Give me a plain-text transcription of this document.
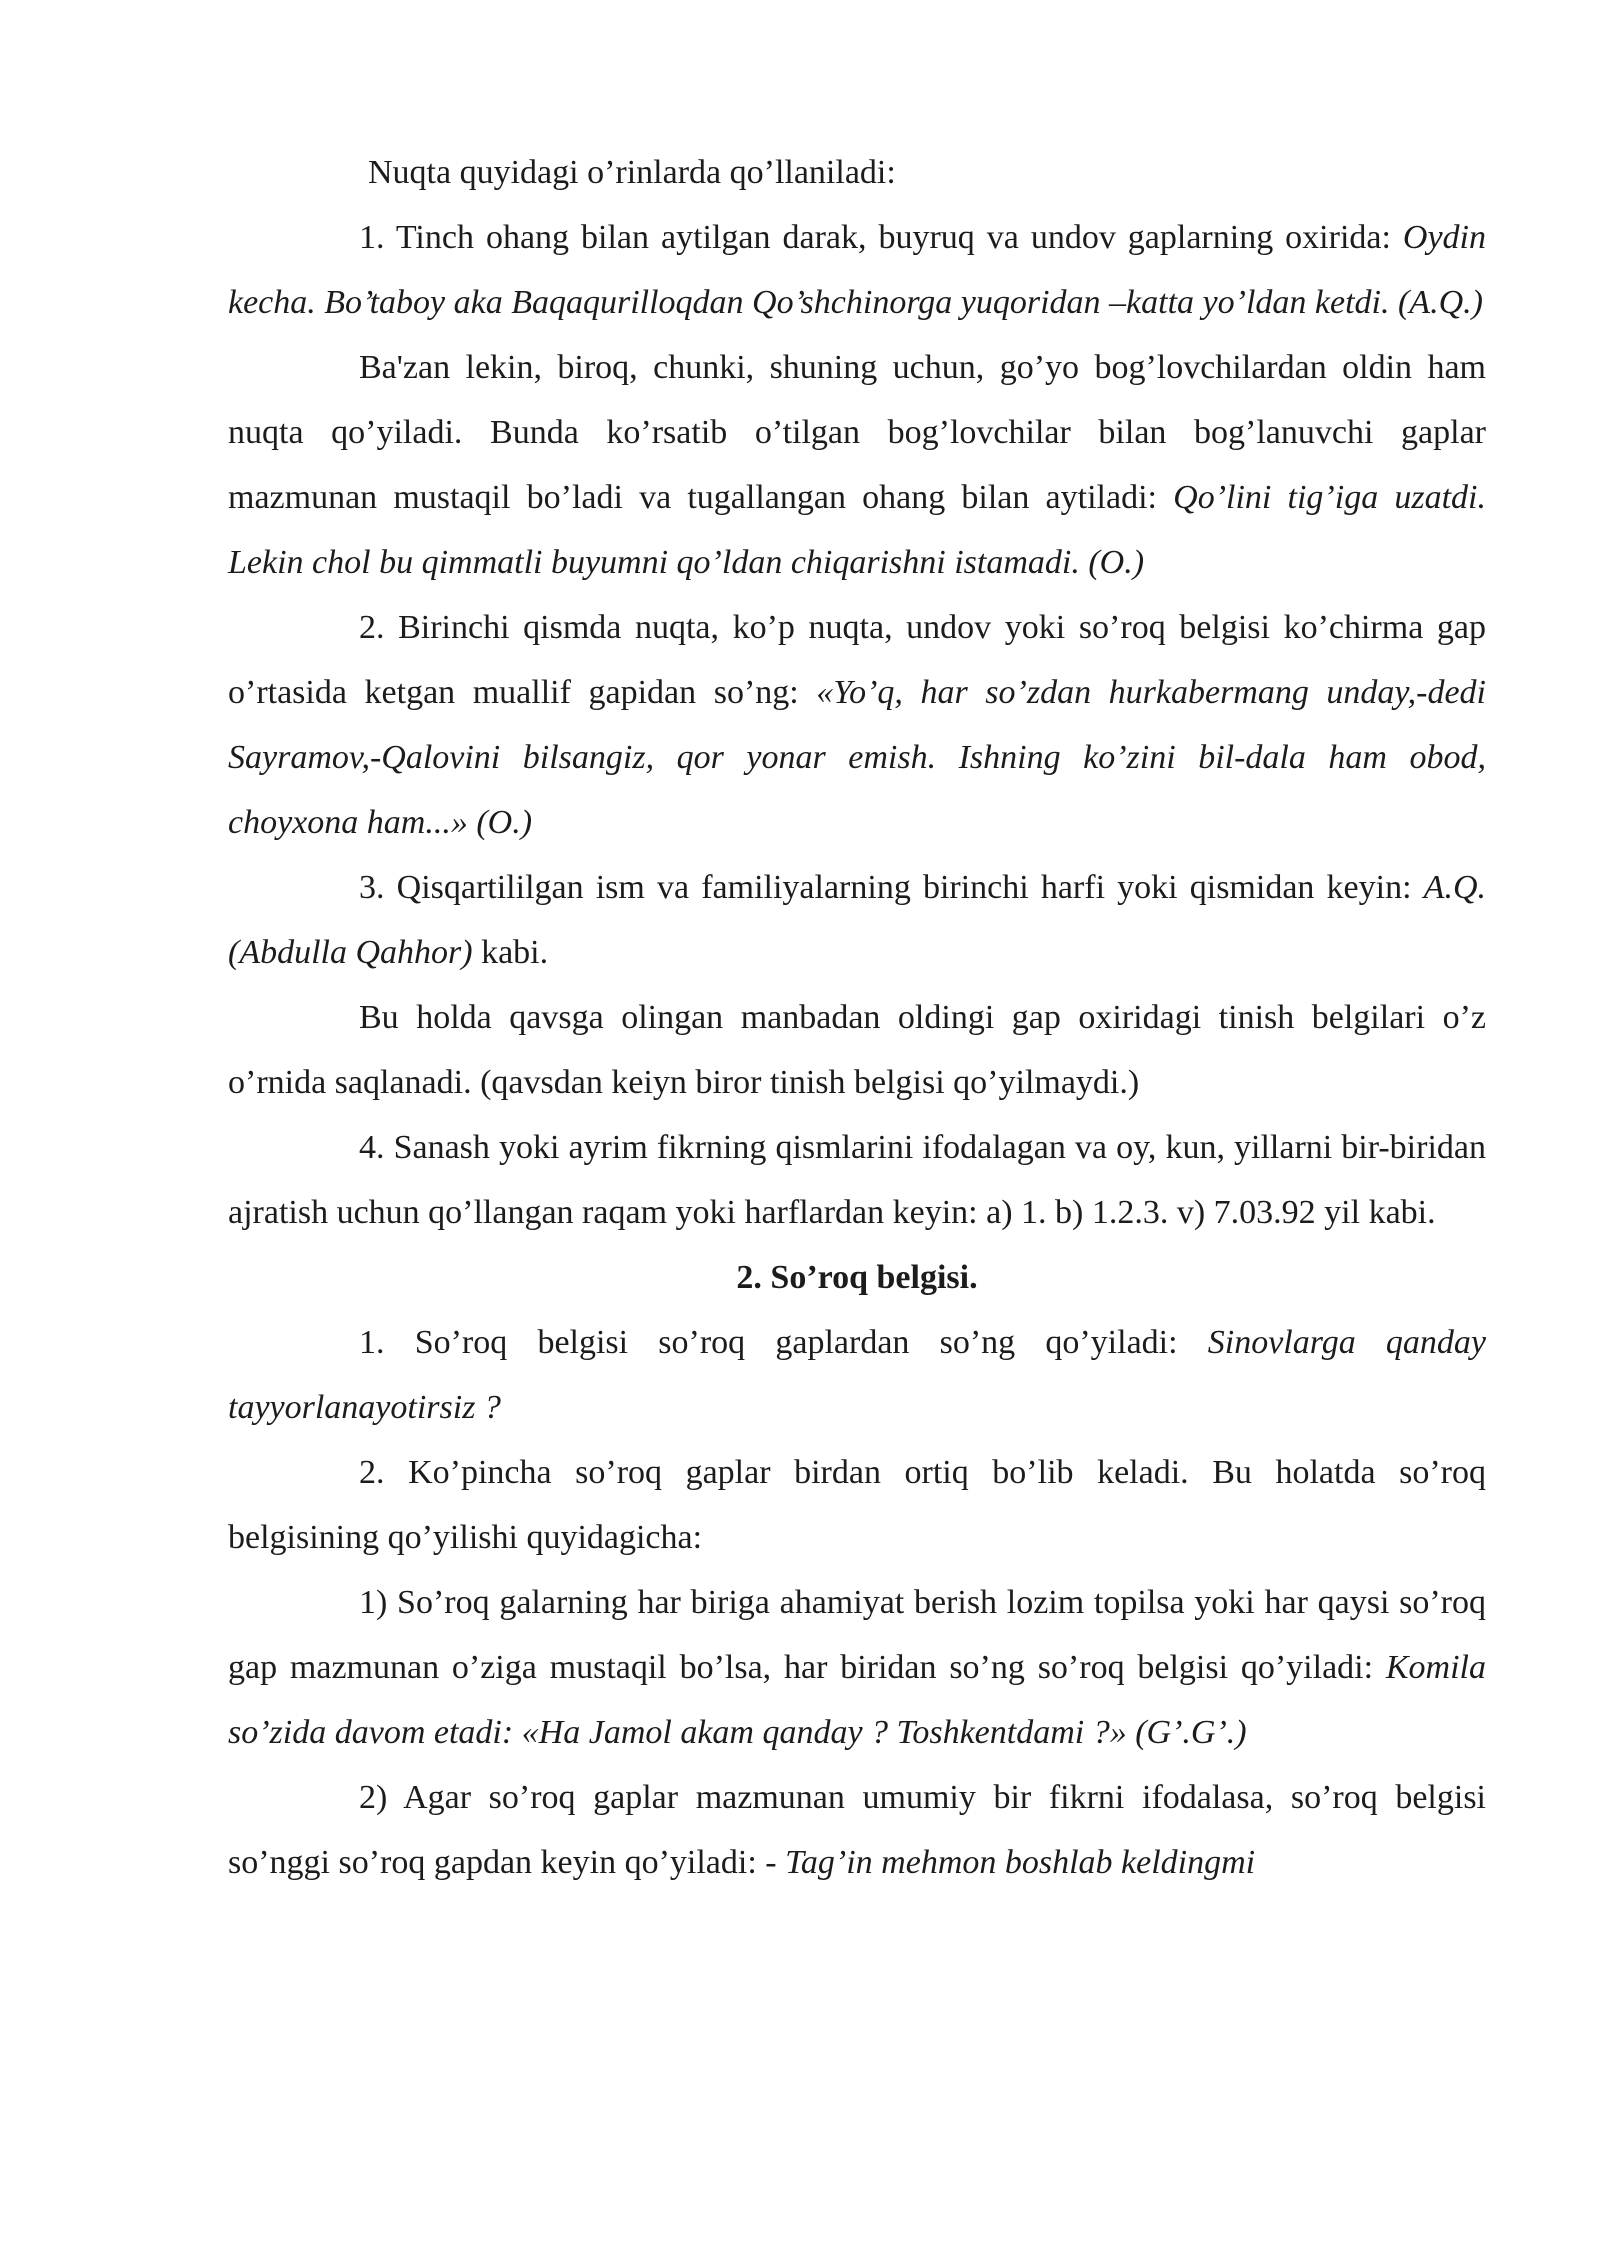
Nuqta quyidagi o’rinlarda qo’llaniladi:

1. Tinch ohang bilan aytilgan darak, buyruq va undov gaplarning oxirida: Oydin kecha. Bo’taboy aka Baqaqurilloqdan Qo’shchinorga yuqoridan –katta yo’ldan ketdi. (A.Q.)

Ba'zan lekin, biroq, chunki, shuning uchun, go’yo bog’lovchilardan oldin ham nuqta qo’yiladi. Bunda ko’rsatib o’tilgan bog’lovchilar bilan bog’lanuvchi gaplar mazmunan mustaqil bo’ladi va tugallangan ohang bilan aytiladi: Qo’lini tig’iga uzatdi. Lekin chol bu qimmatli buyumni qo’ldan chiqarishni istamadi. (O.)

2. Birinchi qismda nuqta, ko’p nuqta, undov yoki so’roq belgisi ko’chirma gap o’rtasida ketgan muallif gapidan so’ng: «Yo’q, har so’zdan hurkabermang unday,-dedi Sayramov,-Qalovini bilsangiz, qor yonar emish. Ishning ko’zini bil-dala ham obod, choyxona ham...» (O.)

3. Qisqartililgan ism va familiyalarning birinchi harfi yoki qismidan keyin: A.Q. (Abdulla Qahhor) kabi.

Bu holda qavsga olingan manbadan oldingi gap oxiridagi tinish belgilari o’z o’rnida saqlanadi. (qavsdan keiyn biror tinish belgisi qo’yilmaydi.)

4. Sanash yoki ayrim fikrning qismlarini ifodalagan va oy, kun, yillarni bir-biridan ajratish uchun qo’llangan raqam yoki harflardan keyin: a) 1. b) 1.2.3. v) 7.03.92 yil kabi.

2. So’roq belgisi.

1. So’roq belgisi so’roq gaplardan so’ng qo’yiladi: Sinovlarga qanday tayyorlanayotirsiz ?

2. Ko’pincha so’roq gaplar birdan ortiq bo’lib keladi. Bu holatda so’roq belgisining qo’yilishi quyidagicha:

1) So’roq galarning har biriga ahamiyat berish lozim topilsa yoki har qaysi so’roq gap mazmunan o’ziga mustaqil bo’lsa, har biridan so’ng so’roq belgisi qo’yiladi: Komila so’zida davom etadi: «Ha Jamol akam qanday ? Toshkentdami ?» (G’.G’.)

2) Agar so’roq gaplar mazmunan umumiy bir fikrni ifodalasa, so’roq belgisi so’nggi so’roq gapdan keyin qo’yiladi: - Tag’in mehmon boshlab keldingmi
